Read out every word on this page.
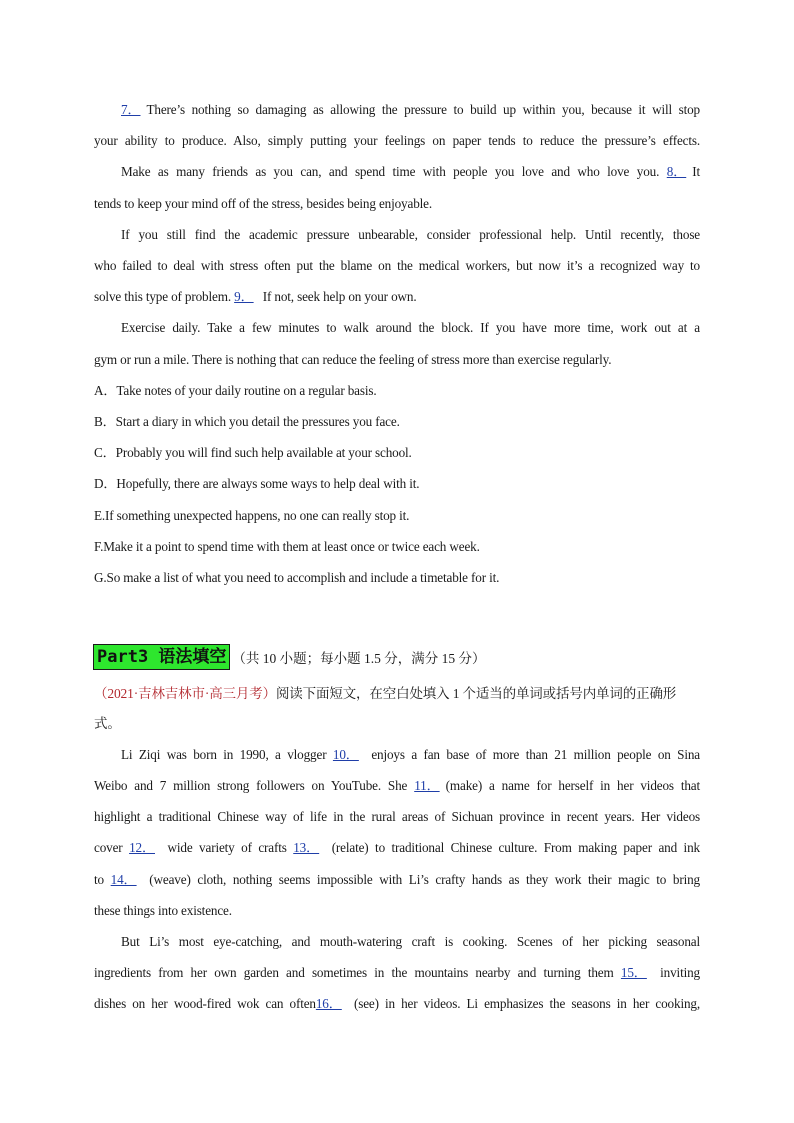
7． There’s nothing so damaging as allowing the pressure to build up within you, because it will stop

your ability to produce. Also, simply putting your feelings on paper tends to reduce the pressure’s effects.

Make as many friends as you can, and spend time with people you love and who love you. 8． It

tends to keep your mind off of the stress, besides being enjoyable.

If you still find the academic pressure unbearable, consider professional help. Until recently, those

who failed to deal with stress often put the blame on the medical workers, but now it’s a recognized way to

solve this type of problem. 9． If not, seek help on your own.

Exercise daily. Take a few minutes to walk around the block. If you have more time, work out at a

gym or run a mile. There is nothing that can reduce the feeling of stress more than exercise regularly.

A．Take notes of your daily routine on a regular basis.

B．Start a diary in which you detail the pressures you face.

C．Probably you will find such help available at your school.

D．Hopefully, there are always some ways to help deal with it.

E.If something unexpected happens, no one can really stop it.

F.Make it a point to spend time with them at least once or twice each week.

G.So make a list of what you need to accomplish and include a timetable for it.

Part3 语法填空 （共 10 小题；每小题 1.5 分，满分 15 分）

（2021·吉林吉林市·高三月考）阅读下面短文，在空白处填入 1 个适当的单词或括号内单词的正确形

式。

Li Ziqi was born in 1990, a vlogger 10． enjoys a fan base of more than 21 million people on Sina

Weibo and 7 million strong followers on YouTube. She 11． (make) a name for herself in her videos that

highlight a traditional Chinese way of life in the rural areas of Sichuan province in recent years. Her videos

cover 12． wide variety of crafts 13． (relate) to traditional Chinese culture. From making paper and ink

to 14． (weave) cloth, nothing seems impossible with Li’s crafty hands as they work their magic to bring

these things into existence.

But Li’s most eye-catching, and mouth-watering craft is cooking. Scenes of her picking seasonal

ingredients from her own garden and sometimes in the mountains nearby and turning them 15． inviting

dishes on her wood-fired wok can often16． (see) in her videos. Li emphasizes the seasons in her cooking,
